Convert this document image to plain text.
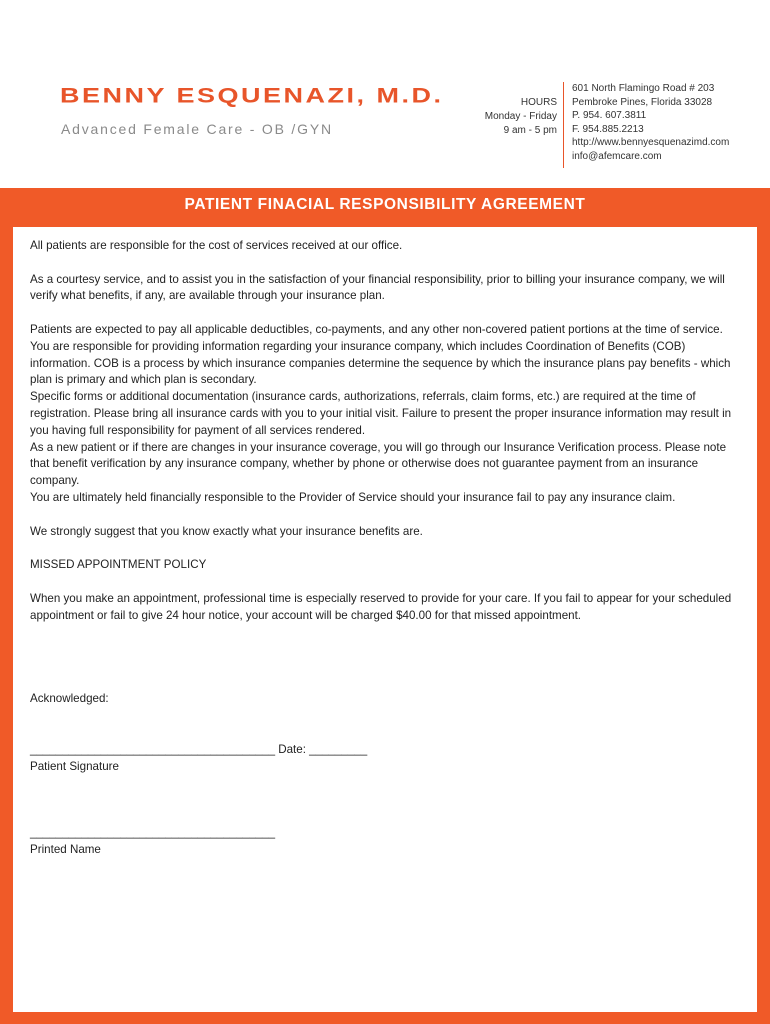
BENNY ESQUENAZI, M.D.
Advanced Female Care - OB /GYN
HOURS
Monday - Friday
9 am - 5 pm
601 North Flamingo Road # 203
Pembroke Pines, Florida 33028
P. 954. 607.3811
F. 954.885.2213
http://www.bennyesquenazimd.com
info@afemcare.com
PATIENT FINACIAL RESPONSIBILITY AGREEMENT

All patients are responsible for the cost of services received at our office.

As a courtesy service, and to assist you in the satisfaction of your financial responsibility, prior to billing your insurance company, we will verify what benefits, if any, are available through your insurance plan.

Patients are expected to pay all applicable deductibles, co-payments, and any other non-covered patient portions at the time of service.

You are responsible for providing information regarding your insurance company, which includes Coordination of Benefits (COB) information. COB is a process by which insurance companies determine the sequence by which the insurance plans pay benefits - which plan is primary and which plan is secondary.

Specific forms or additional documentation (insurance cards, authorizations, referrals, claim forms, etc.) are required at the time of registration. Please bring all insurance cards with you to your initial visit. Failure to present the proper insurance information may result in you having full responsibility for payment of all services rendered.

As a new patient or if there are changes in your insurance coverage, you will go through our Insurance Verification process. Please note that benefit verification by any insurance company, whether by phone or otherwise does not guarantee payment from an insurance company.

You are ultimately held financially responsible to the Provider of Service should your insurance fail to pay any insurance claim.

We strongly suggest that you know exactly what your insurance benefits are.

MISSED APPOINTMENT POLICY

When you make an appointment, professional time is especially reserved to provide for your care. If you fail to appear for your scheduled appointment or fail to give 24 hour notice, your account will be charged $40.00 for that missed appointment.

Acknowledged:

______________________________________ Date: _________
Patient Signature
______________________________________
Printed Name
